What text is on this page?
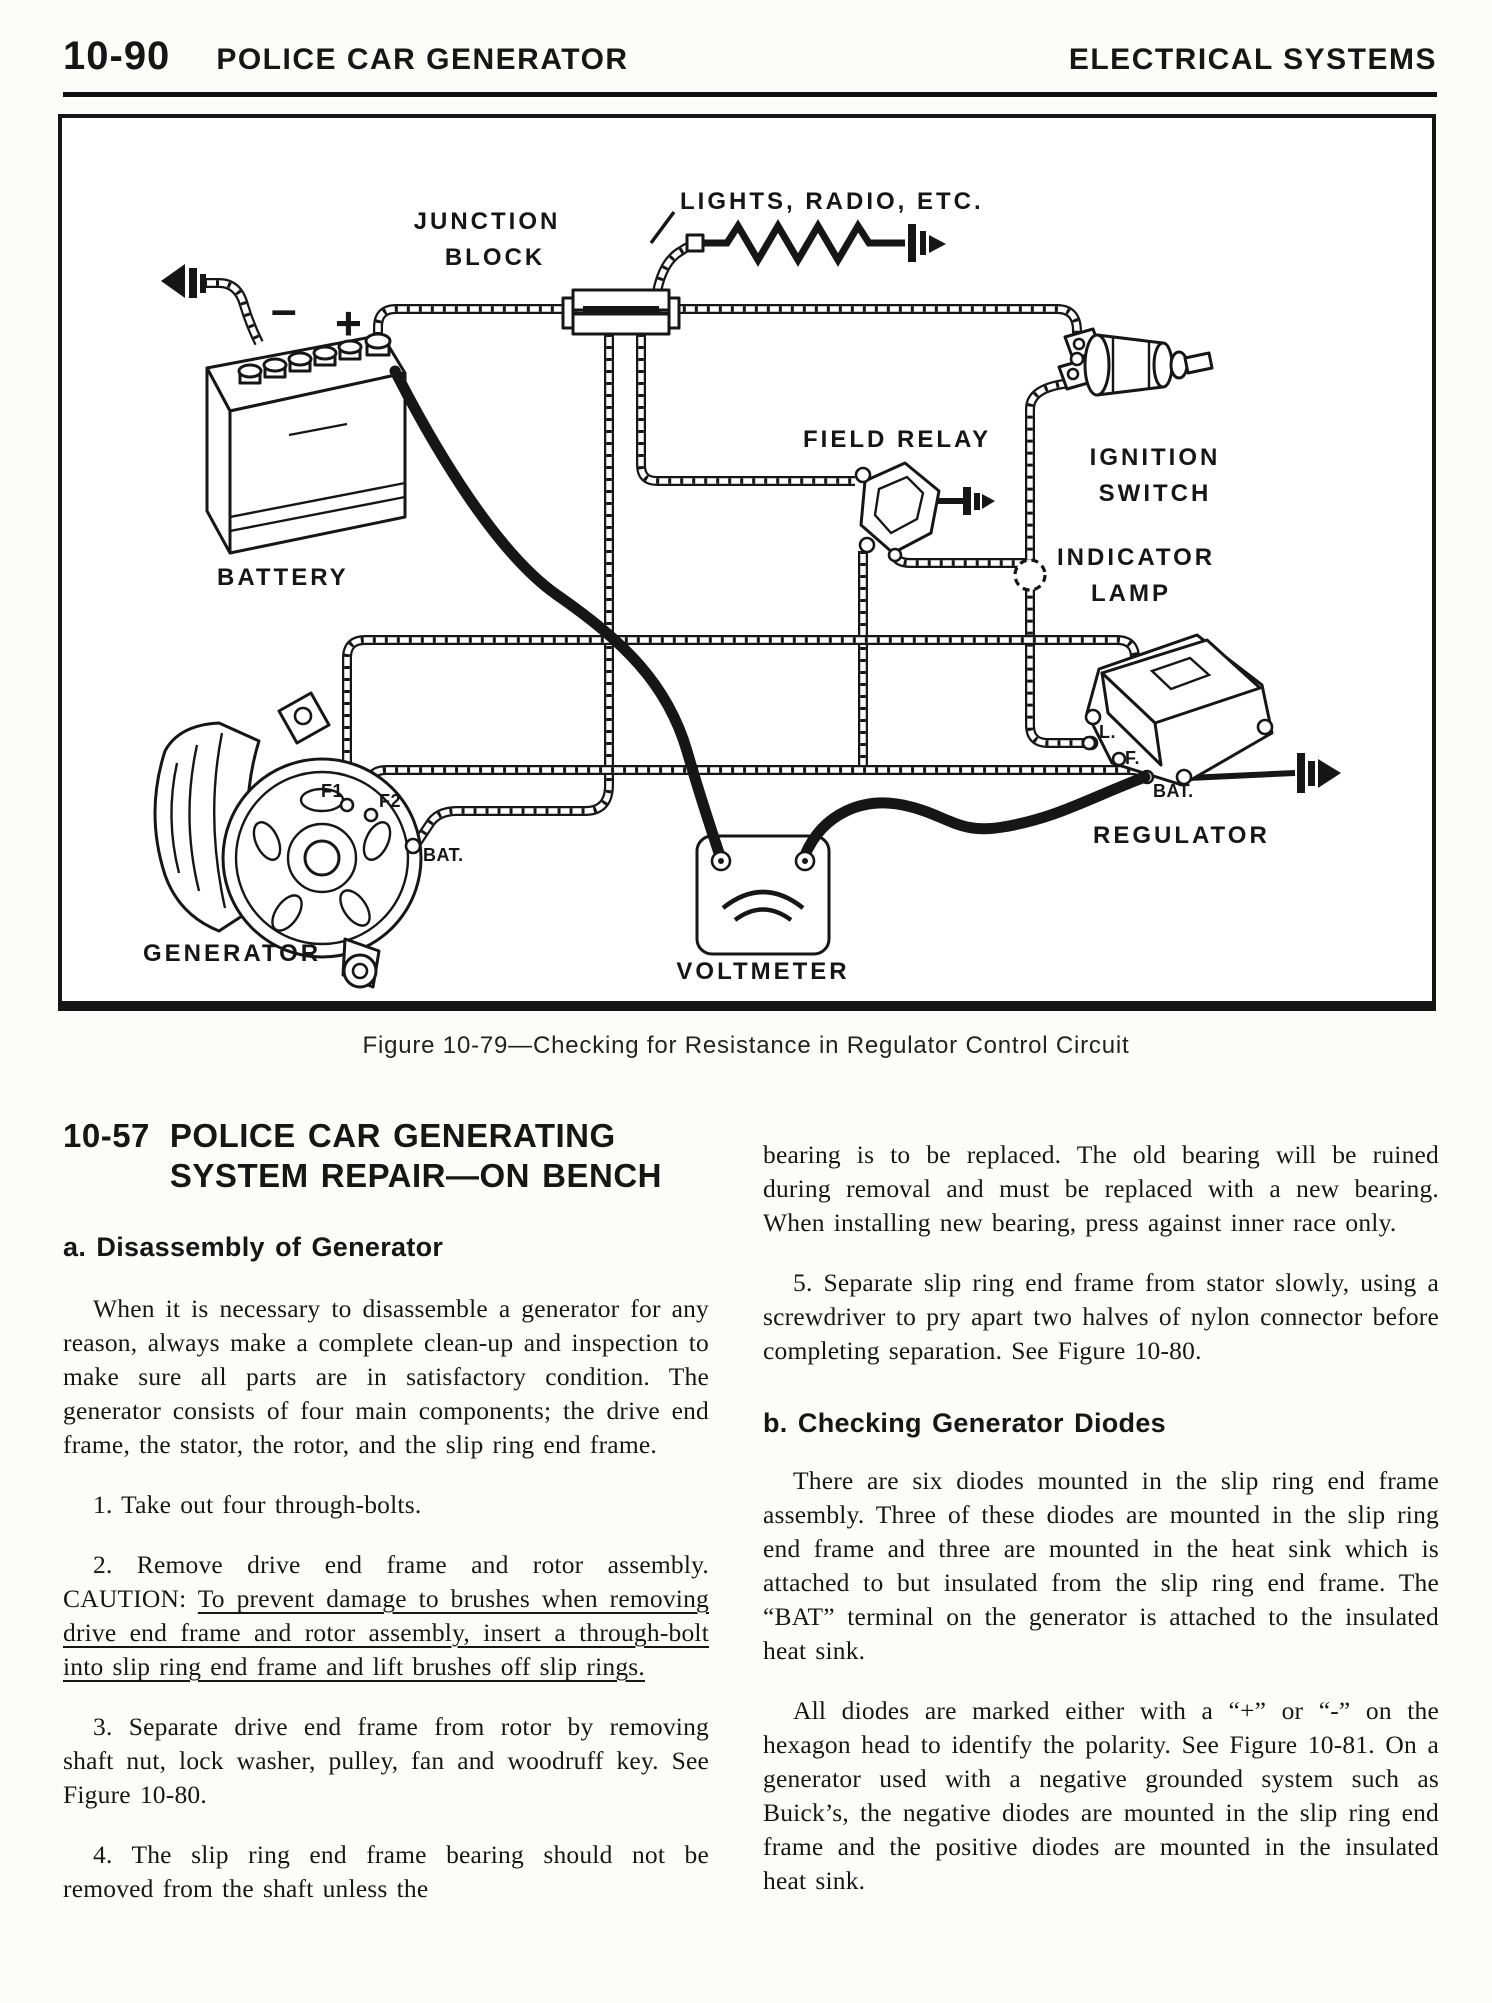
10-90 POLICE CAR GENERATOR	ELECTRICAL SYSTEMS
LIGHTS, RADIO, ETC.
JUNCTION
BLOCK
IGNITION
SWITCH
FIELD RELAY
INDICATOR
LAMP
BATTERY
GENERATOR
VOLTMETER
REGULATOR
– +
F1 F2
BAT.
L.
F.
BAT.
Figure 10-79—Checking for Resistance in Regulator Control Circuit
10-57 POLICE CAR GENERATING
SYSTEM REPAIR—ON BENCH
a. Disassembly of Generator

When it is necessary to disassemble a generator for any reason, always make a complete clean-up and inspection to make sure all parts are in satisfactory condition. The generator consists of four main components; the drive end frame, the stator, the rotor, and the slip ring end frame.

1. Take out four through-bolts.

2. Remove drive end frame and rotor assembly. CAUTION: To prevent damage to brushes when removing drive end frame and rotor assembly, insert a through-bolt into slip ring end frame and lift brushes off slip rings.

3. Separate drive end frame from rotor by removing shaft nut, lock washer, pulley, fan and woodruff key. See Figure 10-80.

4. The slip ring end frame bearing should not be removed from the shaft unless the

bearing is to be replaced. The old bearing will be ruined during removal and must be replaced with a new bearing. When installing new bearing, press against inner race only.

5. Separate slip ring end frame from stator slowly, using a screwdriver to pry apart two halves of nylon connector before completing separation. See Figure 10-80.

b. Checking Generator Diodes

There are six diodes mounted in the slip ring end frame assembly. Three of these diodes are mounted in the slip ring end frame and three are mounted in the heat sink which is attached to but insulated from the slip ring end frame. The “BAT” terminal on the generator is attached to the insulated heat sink.

All diodes are marked either with a “+” or “-” on the hexagon head to identify the polarity. See Figure 10-81. On a generator used with a negative grounded system such as Buick’s, the negative diodes are mounted in the slip ring end frame and the positive diodes are mounted in the insulated heat sink.
